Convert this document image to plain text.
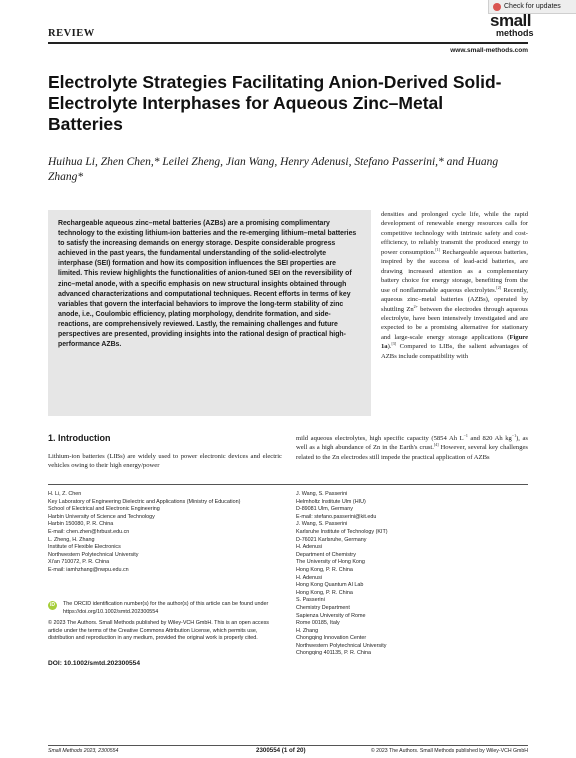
Check for updates
REVIEW
small
methods
www.small-methods.com
Electrolyte Strategies Facilitating Anion-Derived Solid-Electrolyte Interphases for Aqueous Zinc–Metal Batteries
Huihua Li, Zhen Chen,* Leilei Zheng, Jian Wang, Henry Adenusi, Stefano Passerini,* and Huang Zhang*
Rechargeable aqueous zinc–metal batteries (AZBs) are a promising complimentary technology to the existing lithium-ion batteries and the re-emerging lithium–metal batteries to satisfy the increasing demands on energy storage. Despite considerable progress achieved in the past years, the fundamental understanding of the solid-electrolyte interphase (SEI) formation and how its composition influences the SEI properties are limited. This review highlights the functionalities of anion-tuned SEI on the reversibility of zinc–metal anode, with a specific emphasis on new structural insights obtained through advanced characterizations and computational techniques. Recent efforts in terms of key variables that govern the interfacial behaviors to improve the long-term stability of zinc anode, i.e., Coulombic efficiency, plating morphology, dendrite formation, and side-reactions, are comprehensively reviewed. Lastly, the remaining challenges and future perspectives are presented, providing insights into the rational design of practical high-performance AZBs.
densities and prolonged cycle life, while the rapid development of renewable energy resources calls for competitive technology with intrinsic safety and cost-efficiency, to reliably transmit the produced energy to power consumption.[1] Rechargeable aqueous batteries, inspired by the success of lead-acid batteries, are drawing increased attention as a complementary battery choice for energy storage, benefiting from the use of nonflammable aqueous electrolytes.[2] Recently, aqueous zinc–metal batteries (AZBs), operated by shuttling $Zn^{2+}$ between the electrodes through aqueous electrolyte, have been intensively investigated and are expected to be a promising alternative for stationary and large-scale energy storage applications (Figure 1a).[3] Compared to LIBs, the salient advantages of AZBs include compatibility with
1. Introduction
Lithium-ion batteries (LIBs) are widely used to power electronic devices and electric vehicles owing to their high energy/power
mild aqueous electrolytes, high specific capacity (5854 Ah $L^{-1}$ and 820 Ah $kg^{-1}$), as well as a high abundance of Zn in the Earth's crust.[4] However, several key challenges related to the Zn electrodes still impede the practical application of AZBs
H. Li, Z. Chen
Key Laboratory of Engineering Dielectric and Applications (Ministry of Education)
School of Electrical and Electronic Engineering
Harbin University of Science and Technology
Harbin 150080, P. R. China
E-mail: chen.zhen@hrbust.edu.cn
L. Zheng, H. Zhang
Institute of Flexible Electronics
Northwestern Polytechnical University
Xi'an 710072, P. R. China
E-mail: iamhzhang@nwpu.edu.cn
J. Wang, S. Passerini
Helmholtz Institute Ulm (HIU)
D-89081 Ulm, Germany
E-mail: stefano.passerini@kit.edu
J. Wang, S. Passerini
Karlsruhe Institute of Technology (KIT)
D-76021 Karlsruhe, Germany
H. Adenusi
Department of Chemistry
The University of Hong Kong
Hong Kong, P. R. China
H. Adenusi
Hong Kong Quantum AI Lab
Hong Kong, P. R. China
S. Passerini
Chemistry Department
Sapienza University of Rome
Rome 00185, Italy
H. Zhang
Chongqing Innovation Center
Northwestern Polytechnical University
Chongqing 401135, P. R. China
iD	The ORCID identification number(s) for the author(s) of this article can be found under https://doi.org/10.1002/smtd.202300554
© 2023 The Authors. Small Methods published by Wiley-VCH GmbH. This is an open access article under the terms of the Creative Commons Attribution License, which permits use, distribution and reproduction in any medium, provided the original work is properly cited.
DOI: 10.1002/smtd.202300554
Small Methods 2023, 2300554	2300554 (1 of 20)	© 2023 The Authors. Small Methods published by Wiley-VCH GmbH
